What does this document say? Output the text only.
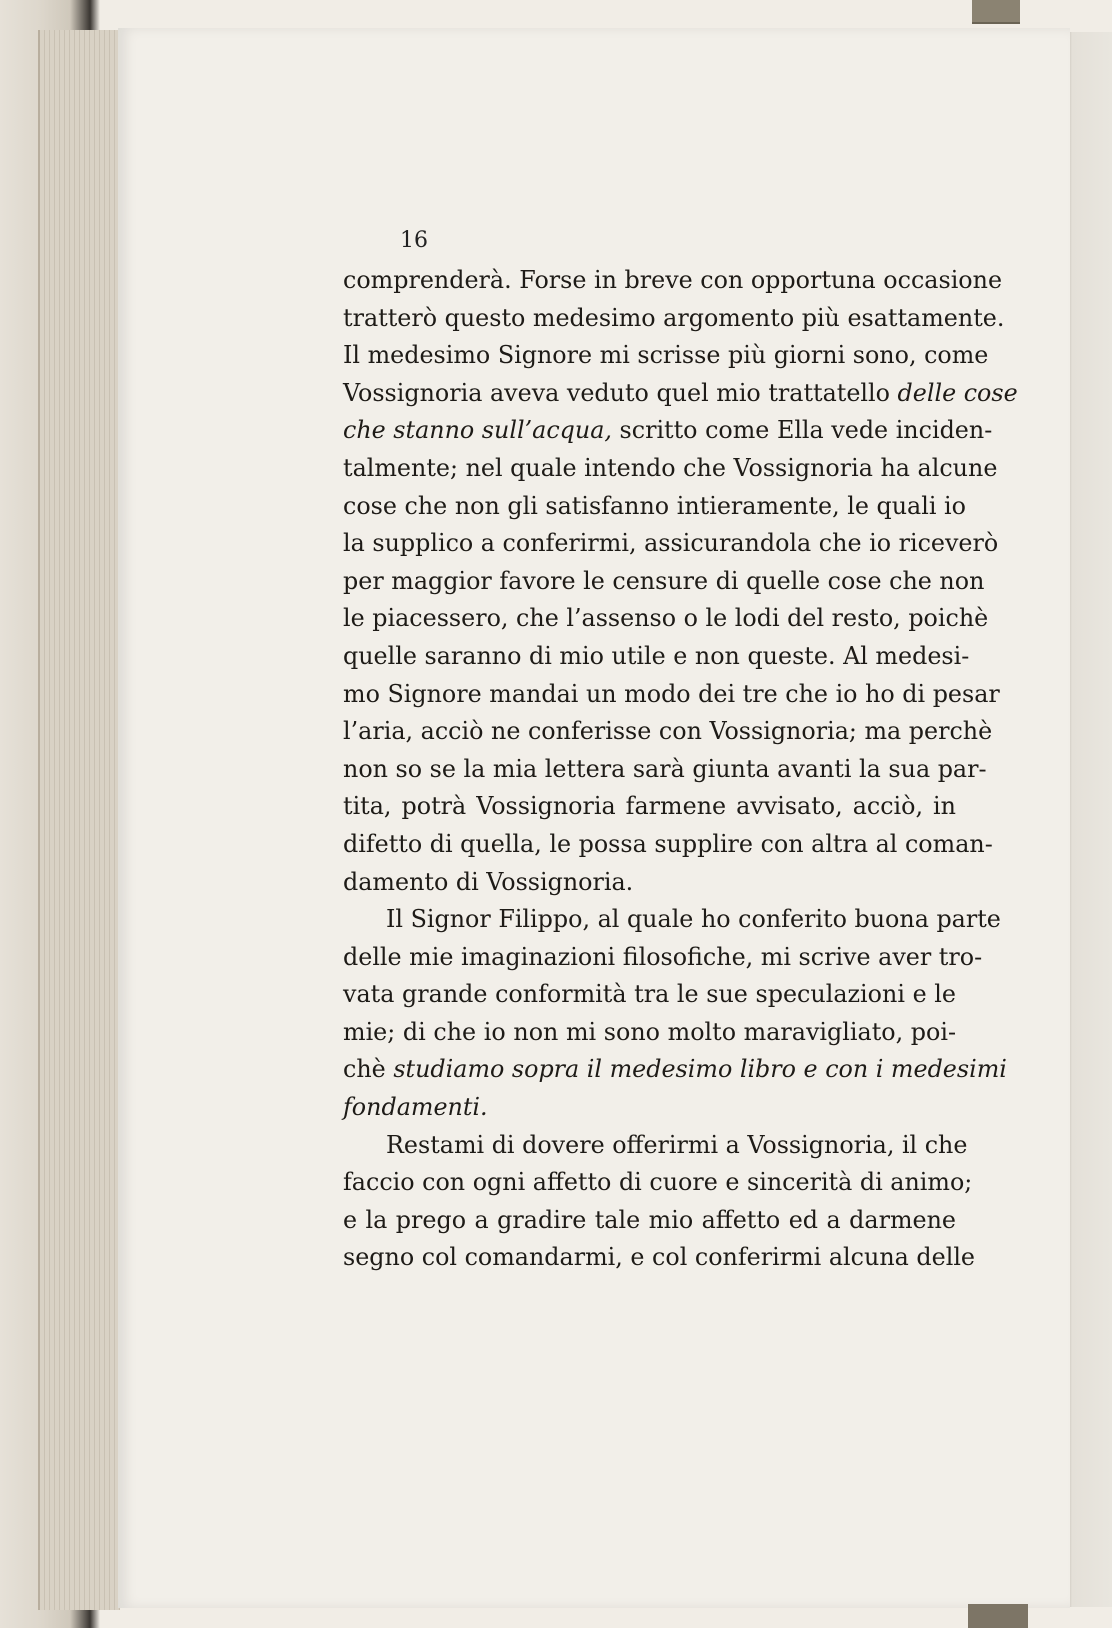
16
comprenderà. Forse in breve con opportuna occasione
tratterò questo medesimo argomento più esattamente.
Il medesimo Signore mi scrisse più giorni sono, come
Vossignoria aveva veduto quel mio trattatello delle cose
che stanno sull’acqua, scritto come Ella vede inciden-
talmente; nel quale intendo che Vossignoria ha alcune
cose che non gli satisfanno intieramente, le quali io
la supplico a conferirmi, assicurandola che io riceverò
per maggior favore le censure di quelle cose che non
le piacessero, che l’assenso o le lodi del resto, poichè
quelle saranno di mio utile e non queste. Al medesi-
mo Signore mandai un modo dei tre che io ho di pesar
l’aria, acciò ne conferisse con Vossignoria; ma perchè
non so se la mia lettera sarà giunta avanti la sua par-
tita, potrà Vossignoria farmene avvisato, acciò, in
difetto di quella, le possa supplire con altra al coman-
damento di Vossignoria.
Il Signor Filippo, al quale ho conferito buona parte
delle mie imaginazioni filosofiche, mi scrive aver tro-
vata grande conformità tra le sue speculazioni e le
mie; di che io non mi sono molto maravigliato, poi-
chè studiamo sopra il medesimo libro e con i medesimi
fondamenti.
Restami di dovere offerirmi a Vossignoria, il che
faccio con ogni affetto di cuore e sincerità di animo;
e la prego a gradire tale mio affetto ed a darmene
segno col comandarmi, e col conferirmi alcuna delle
